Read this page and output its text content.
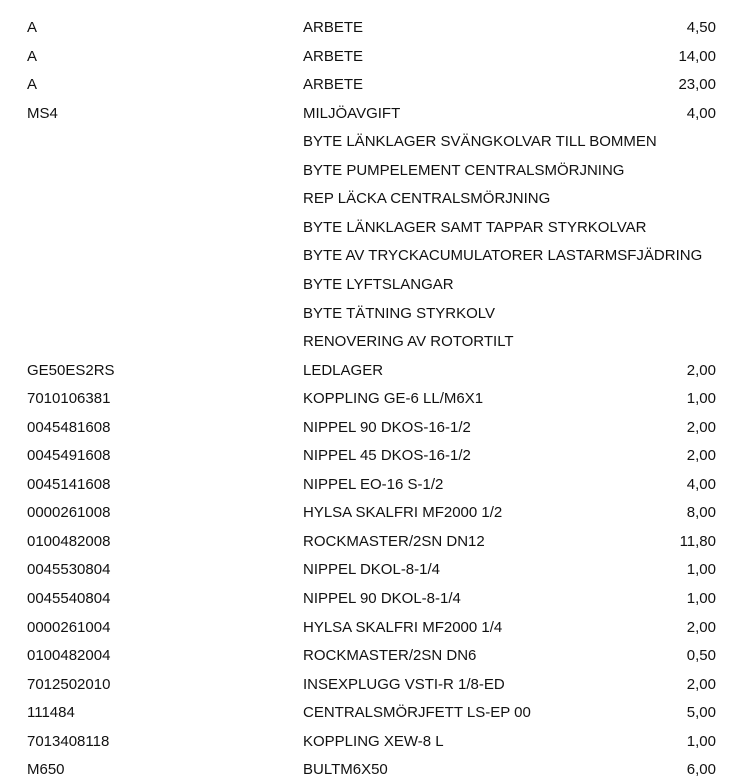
A	ARBETE	4,50
A	ARBETE	14,00
A	ARBETE	23,00
MS4	MILJÖAVGIFT	4,00
BYTE LÄNKLAGER SVÄNGKOLVAR TILL BOMMEN
BYTE PUMPELEMENT CENTRALSMÖRJNING
REP LÄCKA CENTRALSMÖRJNING
BYTE LÄNKLAGER SAMT TAPPAR STYRKOLVAR
BYTE AV TRYCKACUMULATORER LASTARMSFJÄDRING
BYTE LYFTSLANGAR
BYTE TÄTNING STYRKOLV
RENOVERING AV ROTORTILT
GE50ES2RS	LEDLAGER	2,00
7010106381	KOPPLING GE-6 LL/M6X1	1,00
0045481608	NIPPEL 90 DKOS-16-1/2	2,00
0045491608	NIPPEL 45 DKOS-16-1/2	2,00
0045141608	NIPPEL EO-16 S-1/2	4,00
0000261008	HYLSA SKALFRI MF2000 1/2	8,00
0100482008	ROCKMASTER/2SN DN12	11,80
0045530804	NIPPEL DKOL-8-1/4	1,00
0045540804	NIPPEL 90 DKOL-8-1/4	1,00
0000261004	HYLSA SKALFRI MF2000 1/4	2,00
0100482004	ROCKMASTER/2SN DN6	0,50
7012502010	INSEXPLUGG VSTI-R 1/8-ED	2,00
111484	CENTRALSMÖRJFETT LS-EP 00	5,00
7013408118	KOPPLING XEW-8 L	1,00
M650	BULTM6X50	6,00
